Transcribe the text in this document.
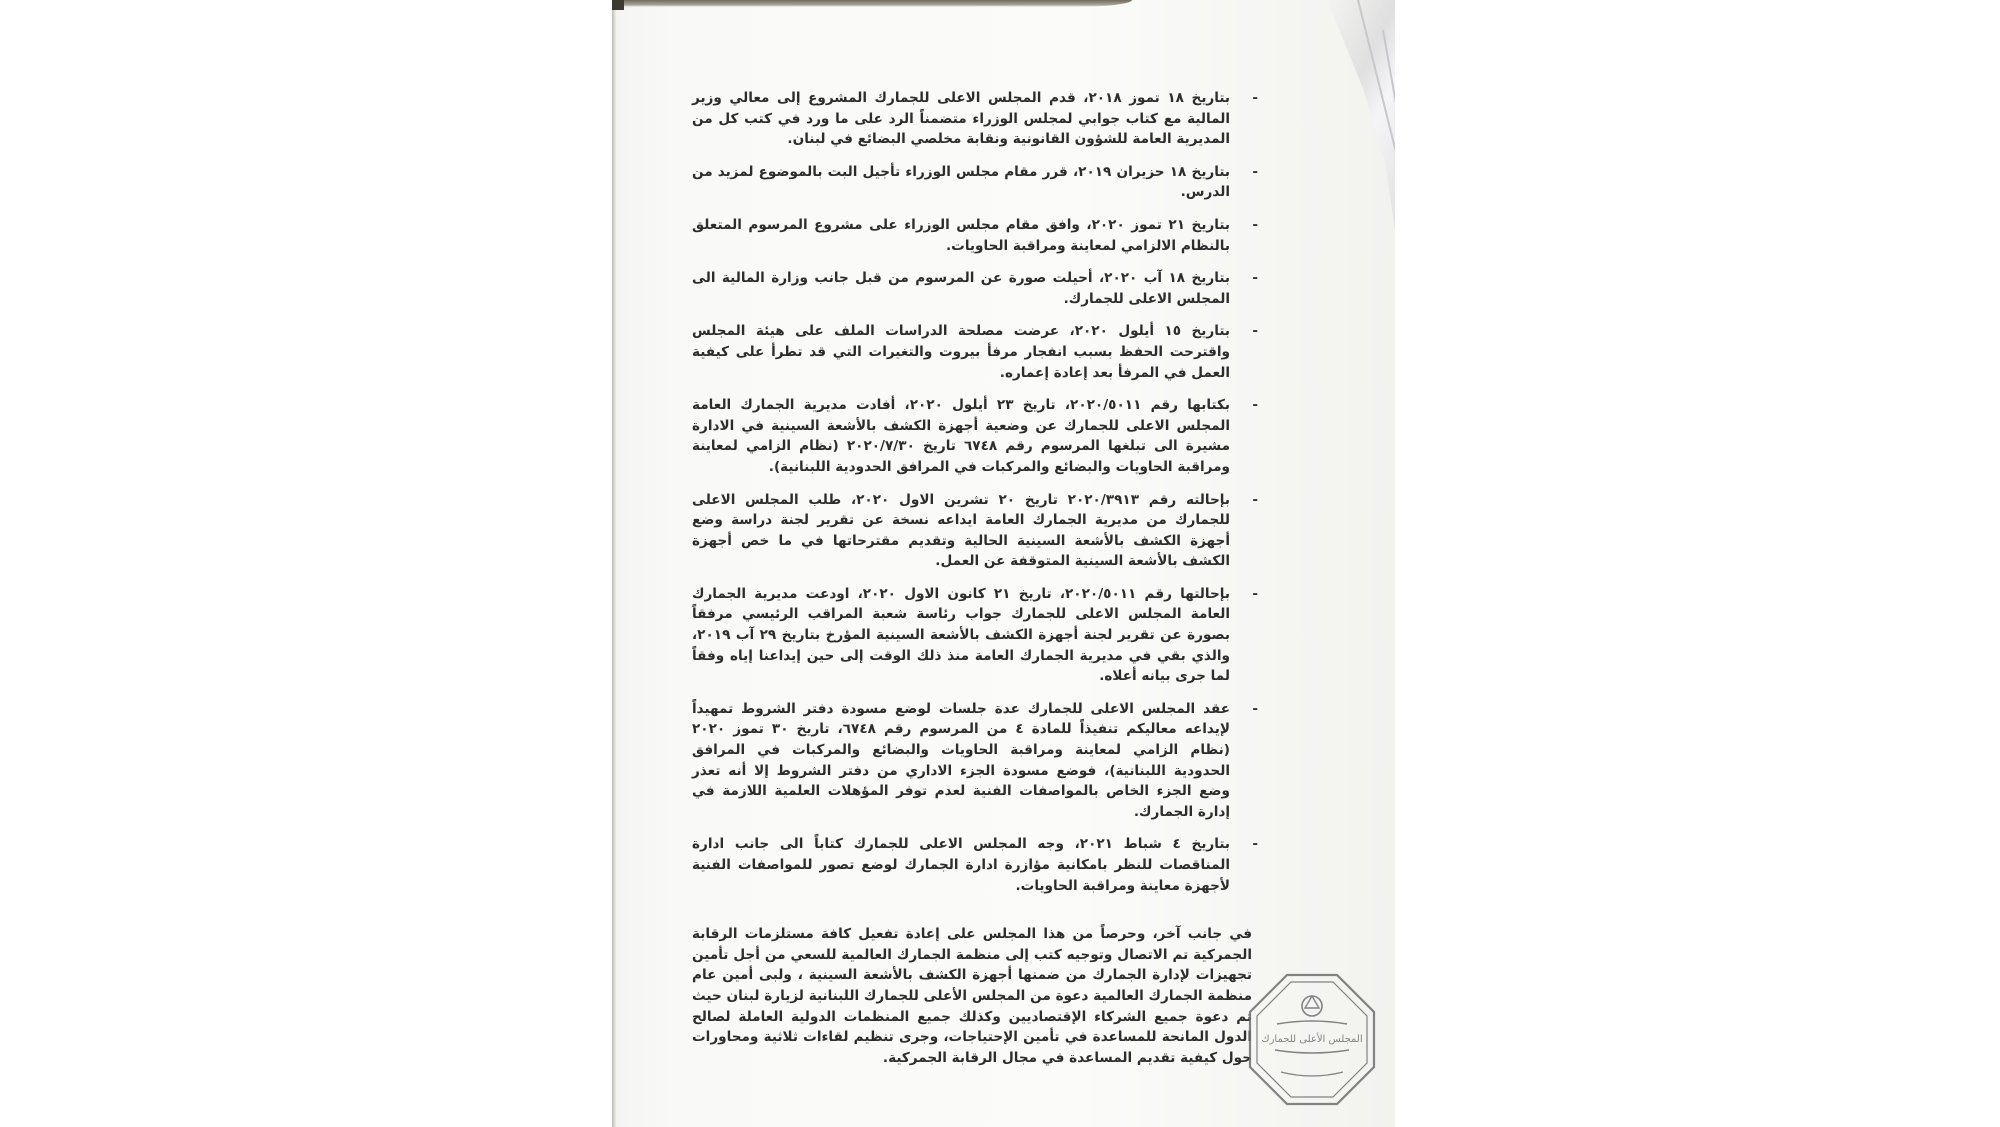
-
بتاريخ ١٨ تموز ٢٠١٨، قدم المجلس الاعلى للجمارك المشروع إلى معالي وزير المالية مع كتاب جوابي لمجلس الوزراء متضمناً الرد على ما ورد في كتب كل من المديرية العامة للشؤون القانونية ونقابة مخلصي البضائع في لبنان.
-
بتاريخ ١٨ حزيران ٢٠١٩، قرر مقام مجلس الوزراء تأجيل البت بالموضوع لمزيد من الدرس.
-
بتاريخ ٢١ تموز ٢٠٢٠، وافق مقام مجلس الوزراء على مشروع المرسوم المتعلق بالنظام الالزامي لمعاينة ومراقبة الحاويات.
-
بتاريخ ١٨ آب ٢٠٢٠، أحيلت صورة عن المرسوم من قبل جانب وزارة المالية الى المجلس الاعلى للجمارك.
-
بتاريخ ١٥ أيلول ٢٠٢٠، عرضت مصلحة الدراسات الملف على هيئة المجلس واقترحت الحفظ بسبب انفجار مرفأ بيروت والتغيرات التي قد تطرأ على كيفية العمل في المرفأ بعد إعادة إعماره.
-
بكتابها رقم ٢٠٢٠/٥٠١١، تاريخ ٢٣ أيلول ٢٠٢٠، أفادت مديرية الجمارك العامة المجلس الاعلى للجمارك عن وضعية أجهزة الكشف بالأشعة السينية في الادارة مشيرة الى تبلغها المرسوم رقم ٦٧٤٨ تاريخ ٢٠٢٠/٧/٣٠ (نظام الزامي لمعاينة ومراقبة الحاويات والبضائع والمركبات في المرافق الحدودية اللبنانية).
-
بإحالته رقم ٢٠٢٠/٣٩١٣ تاريخ ٢٠ تشرين الاول ٢٠٢٠، طلب المجلس الاعلى للجمارك من مديرية الجمارك العامة ايداعه نسخة عن تقرير لجنة دراسة وضع أجهزة الكشف بالأشعة السينية الحالية وتقديم مقترحاتها في ما خص أجهزة الكشف بالأشعة السينية المتوقفة عن العمل.
-
بإحالتها رقم ٢٠٢٠/٥٠١١، تاريخ ٢١ كانون الاول ٢٠٢٠، اودعت مديرية الجمارك العامة المجلس الاعلى للجمارك جواب رئاسة شعبة المراقب الرئيسي مرفقاً بصورة عن تقرير لجنة أجهزة الكشف بالأشعة السينية المؤرخ بتاريخ ٢٩ آب ٢٠١٩، والذي بقي في مديرية الجمارك العامة منذ ذلك الوقت إلى حين إيداعنا إياه وفقاً لما جرى بيانه أعلاه.
-
عقد المجلس الاعلى للجمارك عدة جلسات لوضع مسودة دفتر الشروط تمهيداً لإيداعه معاليكم تنفيذاً للمادة ٤ من المرسوم رقم ٦٧٤٨، تاريخ ٣٠ تموز ٢٠٢٠ (نظام الزامي لمعاينة ومراقبة الحاويات والبضائع والمركبات في المرافق الحدودية اللبنانية)، فوضع مسودة الجزء الاداري من دفتر الشروط إلا أنه تعذر وضع الجزء الخاص بالمواصفات الفنية لعدم توفر المؤهلات العلمية اللازمة في إدارة الجمارك.
-
بتاريخ ٤ شباط ٢٠٢١، وجه المجلس الاعلى للجمارك كتاباً الى جانب ادارة المناقصات للنظر بامكانية مؤازرة ادارة الجمارك لوضع تصور للمواصفات الفنية لأجهزة معاينة ومراقبة الحاويات.
في جانب آخر، وحرصاً من هذا المجلس على إعادة تفعيل كافة مستلزمات الرقابة الجمركية تم الاتصال وتوجيه كتب إلى منظمة الجمارك العالمية للسعي من أجل تأمين تجهيزات لإدارة الجمارك من ضمنها أجهزة الكشف بالأشعة السينية ، ولبى أمين عام منظمة الجمارك العالمية دعوة من المجلس الأعلى للجمارك اللبنانية لزيارة لبنان حيث تم دعوة جميع الشركاء الإقتصاديين وكذلك جميع المنظمات الدولية العاملة لصالح الدول المانحة للمساعدة في تأمين الإحتياجات، وجرى تنظيم لقاءات ثلاثية ومحاورات حول كيفية تقديم المساعدة في مجال الرقابة الجمركية.
المجلس الأعلى للجمارك
